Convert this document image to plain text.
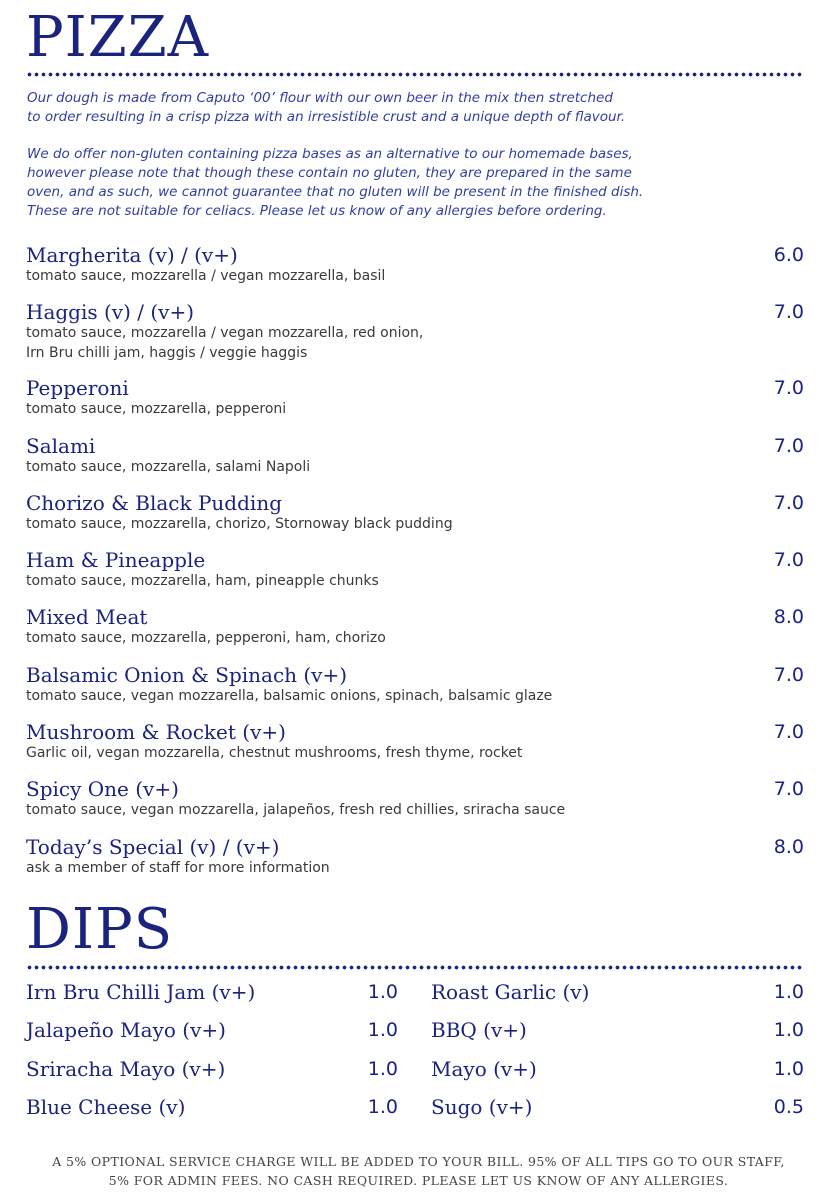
PIZZA

Our dough is made from Caputo ‘00’ flour with our own beer in the mix then stretched
to order resulting in a crisp pizza with an irresistible crust and a unique depth of flavour.

We do offer non-gluten containing pizza bases as an alternative to our homemade bases,
however please note that though these contain no gluten, they are prepared in the same
oven, and as such, we cannot guarantee that no gluten will be present in the finished dish.
These are not suitable for celiacs. Please let us know of any allergies before ordering.

Margherita (v) / (v+)
tomato sauce, mozzarella / vegan mozzarella, basil
6.0
Haggis (v) / (v+)
tomato sauce, mozzarella / vegan mozzarella, red onion,
Irn Bru chilli jam, haggis / veggie haggis
7.0
Pepperoni
tomato sauce, mozzarella, pepperoni
7.0
Salami
tomato sauce, mozzarella, salami Napoli
7.0
Chorizo & Black Pudding
tomato sauce, mozzarella, chorizo, Stornoway black pudding
7.0
Ham & Pineapple
tomato sauce, mozzarella, ham, pineapple chunks
7.0
Mixed Meat
tomato sauce, mozzarella, pepperoni, ham, chorizo
8.0
Balsamic Onion & Spinach (v+)
tomato sauce, vegan mozzarella, balsamic onions, spinach, balsamic glaze
7.0
Mushroom & Rocket (v+)
Garlic oil, vegan mozzarella, chestnut mushrooms, fresh thyme, rocket
7.0
Spicy One (v+)
tomato sauce, vegan mozzarella, jalapeños, fresh red chillies, sriracha sauce
7.0
Today’s Special (v) / (v+)
ask a member of staff for more information
8.0
DIPS
Irn Bru Chilli Jam (v+)	1.0
Jalapeño Mayo (v+)	1.0
Sriracha Mayo (v+)	1.0
Blue Cheese (v)	1.0
Roast Garlic (v)	1.0
BBQ (v+)	1.0
Mayo (v+)	1.0
Sugo (v+)	0.5
A 5% OPTIONAL SERVICE CHARGE WILL BE ADDED TO YOUR BILL. 95% OF ALL TIPS GO TO OUR STAFF,
5% FOR ADMIN FEES. NO CASH REQUIRED. PLEASE LET US KNOW OF ANY ALLERGIES.
